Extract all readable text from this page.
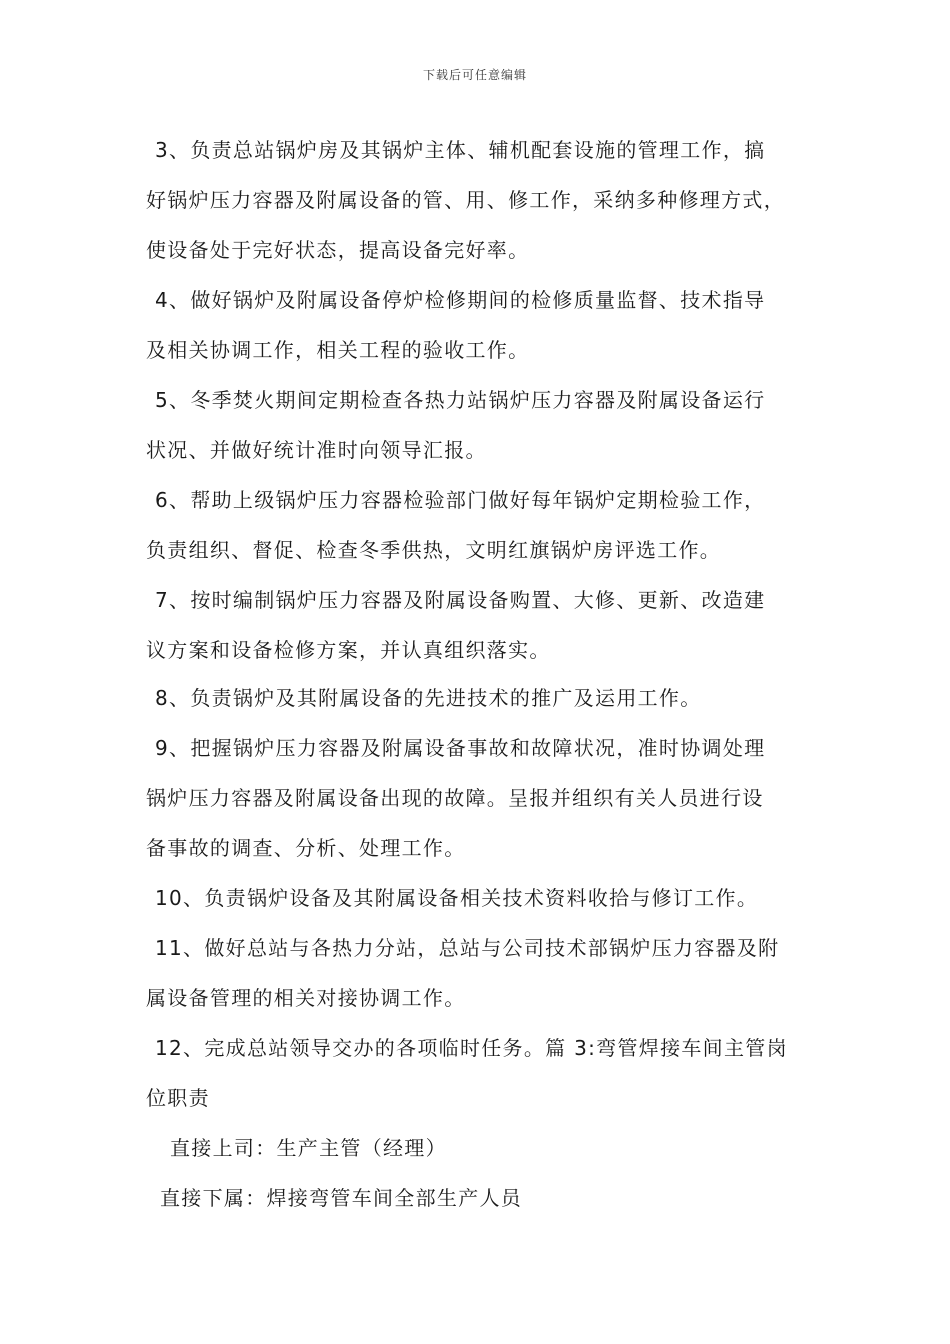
下载后可任意编辑
3、负责总站锅炉房及其锅炉主体、辅机配套设施的管理工作，搞
好锅炉压力容器及附属设备的管、用、修工作，采纳多种修理方式，
使设备处于完好状态，提高设备完好率。
4、做好锅炉及附属设备停炉检修期间的检修质量监督、技术指导
及相关协调工作，相关工程的验收工作。
5、冬季焚火期间定期检查各热力站锅炉压力容器及附属设备运行
状况、并做好统计准时向领导汇报。
6、帮助上级锅炉压力容器检验部门做好每年锅炉定期检验工作，
负责组织、督促、检查冬季供热，文明红旗锅炉房评选工作。
7、按时编制锅炉压力容器及附属设备购置、大修、更新、改造建
议方案和设备检修方案，并认真组织落实。
8、负责锅炉及其附属设备的先进技术的推广及运用工作。
9、把握锅炉压力容器及附属设备事故和故障状况，准时协调处理
锅炉压力容器及附属设备出现的故障。呈报并组织有关人员进行设
备事故的调查、分析、处理工作。
10、负责锅炉设备及其附属设备相关技术资料收拾与修订工作。
11、做好总站与各热力分站，总站与公司技术部锅炉压力容器及附
属设备管理的相关对接协调工作。
12、完成总站领导交办的各项临时任务。篇 3:弯管焊接车间主管岗
位职责
直接上司：生产主管（经理）
直接下属：焊接弯管车间全部生产人员
